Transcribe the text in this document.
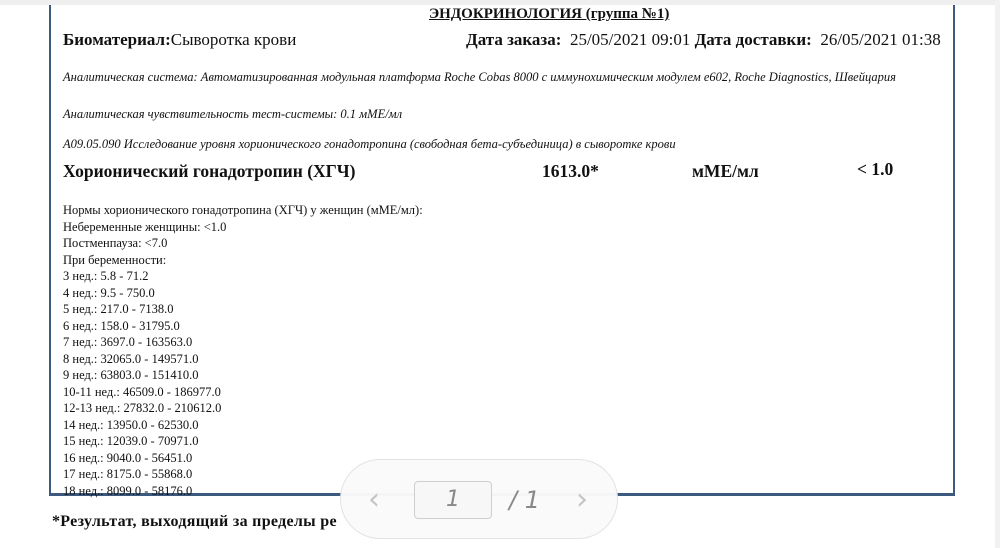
ЭНДОКРИНОЛОГИЯ (группа №1)
Биоматериал:Сыворотка крови	Дата заказа: 25/05/2021 09:01 Дата доставки: 26/05/2021 01:38
Аналитическая система: Автоматизированная модульная платформа Roche Cobas 8000 с иммунохимическим модулем е602, Roche Diagnostics, Швейцария
Аналитическая чувствительность тест-системы: 0.1 мМЕ/мл
A09.05.090 Исследование уровня хорионического гонадотропина (свободная бета-субъединица) в сыворотке крови
Хорионический гонадотропин (ХГЧ)	1613.0*	мМЕ/мл	< 1.0
Нормы хорионического гонадотропина (ХГЧ) у женщин (мМЕ/мл):
Небеременные женщины: <1.0
Постменпауза: <7.0
При беременности:
3 нед.: 5.8 - 71.2
4 нед.: 9.5 - 750.0
5 нед.: 217.0 - 7138.0
6 нед.: 158.0 - 31795.0
7 нед.: 3697.0 - 163563.0
8 нед.: 32065.0 - 149571.0
9 нед.: 63803.0 - 151410.0
10-11 нед.: 46509.0 - 186977.0
12-13 нед.: 27832.0 - 210612.0
14 нед.: 13950.0 - 62530.0
15 нед.: 12039.0 - 70971.0
16 нед.: 9040.0 - 56451.0
17 нед.: 8175.0 - 55868.0
18 нед.: 8099.0 - 58176.0
*Результат, выходящий за пределы ре
‹	1	/ 1	›
